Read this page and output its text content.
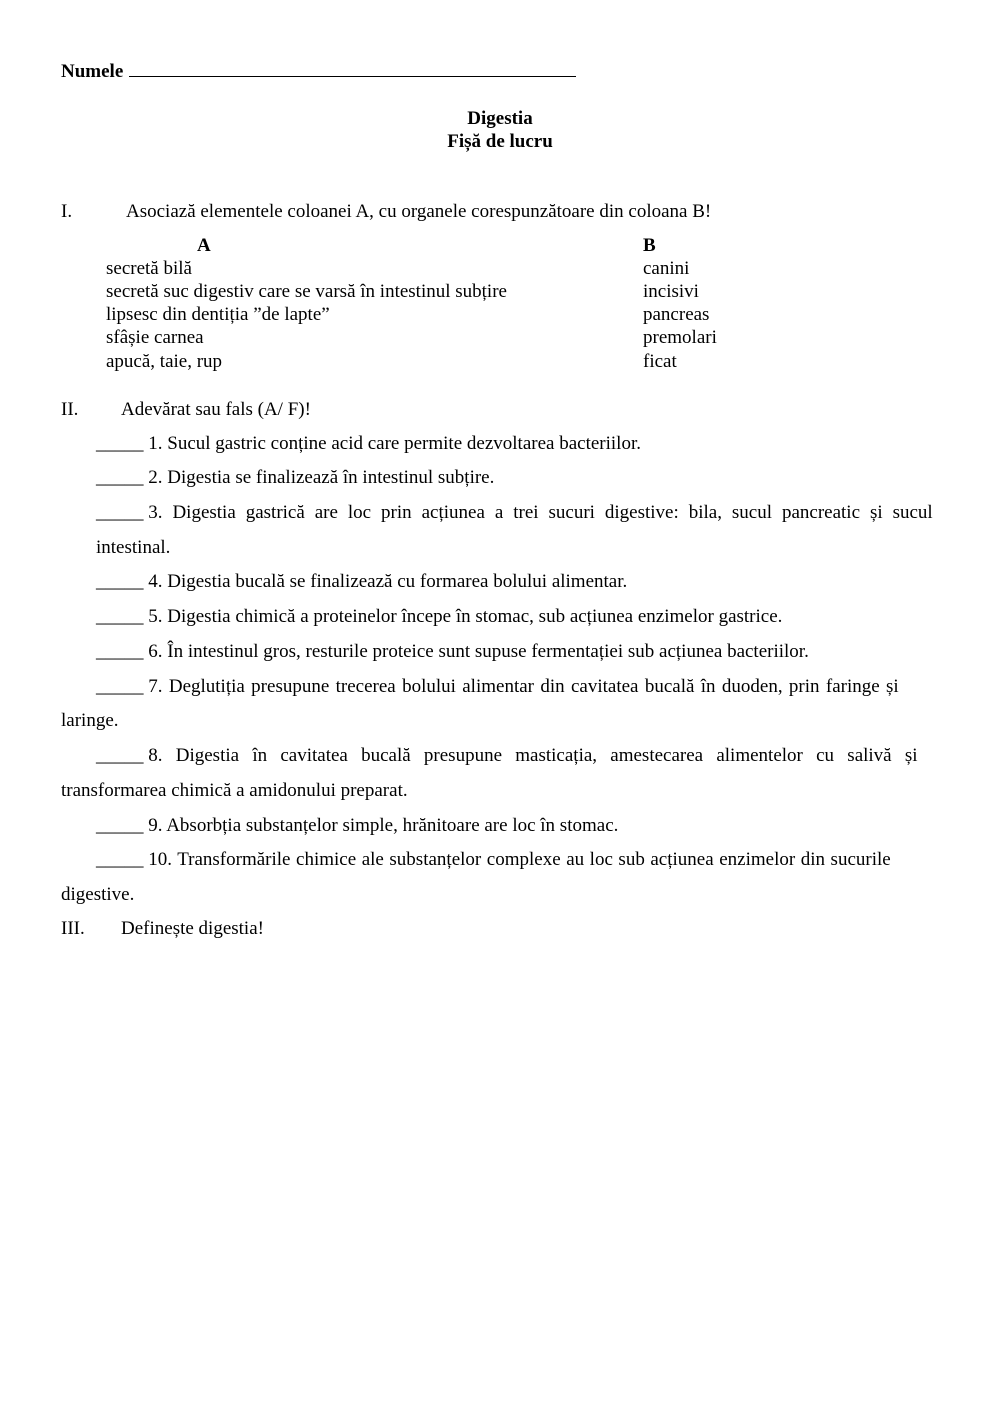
Numele
Digestia
Fișă de lucru
I.	Asociază elementele coloanei A, cu organele corespunzătoare din coloana B!
A	B
secretă bilă
secretă suc digestiv care se varsă în intestinul subțire
lipsesc din dentiția ”de lapte”
sfâșie carnea
apucă, taie, rup
canini
incisivi
pancreas
premolari
ficat
II. Adevărat sau fals (A/ F)!
_____ 1. Sucul gastric conține acid care permite dezvoltarea bacteriilor.
_____ 2. Digestia se finalizează în intestinul subțire.
_____ 3. Digestia gastrică are loc prin acțiunea a trei sucuri digestive: bila, sucul pancreatic și sucul
intestinal.
_____ 4. Digestia bucală se finalizează cu formarea bolului alimentar.
_____ 5. Digestia chimică a proteinelor începe în stomac, sub acțiunea enzimelor gastrice.
_____ 6. În intestinul gros, resturile proteice sunt supuse fermentației sub acțiunea bacteriilor.
_____ 7. Deglutiția presupune trecerea bolului alimentar din cavitatea bucală în duoden, prin faringe și
laringe.
_____ 8. Digestia în cavitatea bucală presupune masticația, amestecarea alimentelor cu salivă și
transformarea chimică a amidonului preparat.
_____ 9. Absorbția substanțelor simple, hrănitoare are loc în stomac.
_____ 10. Transformările chimice ale substanțelor complexe au loc sub acțiunea enzimelor din sucurile
digestive.
III. Definește digestia!
